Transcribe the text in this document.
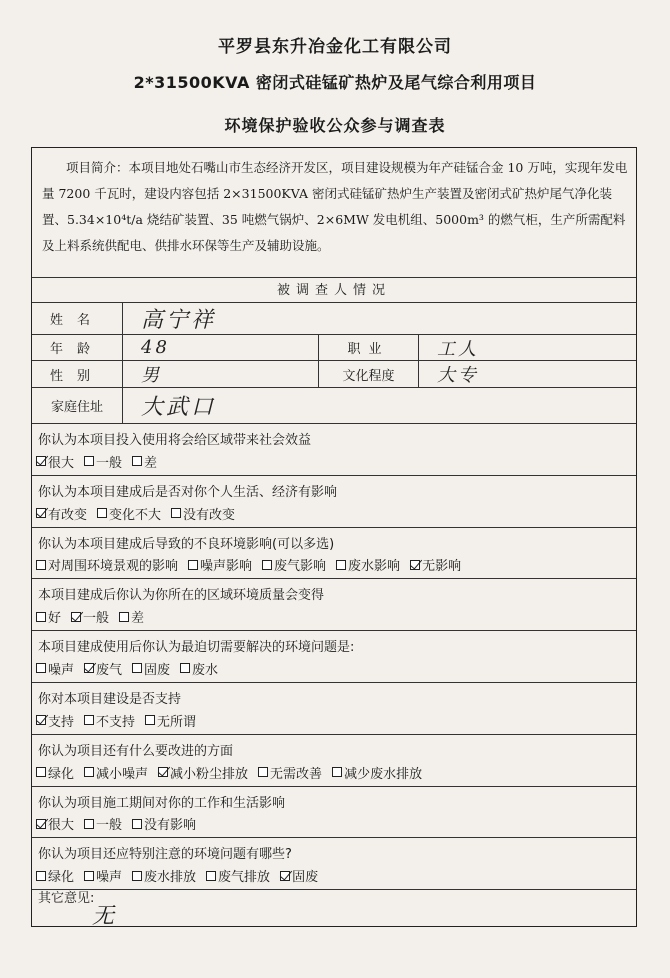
平罗县东升冶金化工有限公司
2*31500KVA 密闭式硅锰矿热炉及尾气综合利用项目
环境保护验收公众参与调查表
项目简介：本项目地处石嘴山市生态经济开发区，项目建设规模为年产硅锰合金 10 万吨，实现年发电量 7200 千瓦时，建设内容包括 2×31500KVA 密闭式硅锰矿热炉生产装置及密闭式矿热炉尾气净化装置、5.34×10⁴t/a 烧结矿装置、35 吨燃气锅炉、2×6MW 发电机组、5000m³ 的燃气柜，生产所需配料及上料系统供配电、供排水环保等生产及辅助设施。
被调查人情况
姓名	高宁祥
年龄	48	职业	工人
性别	男	文化程度	大专
家庭住址	大武口
你认为本项目投入使用将会给区域带来社会效益
很大 一般 差
你认为本项目建成后是否对你个人生活、经济有影响
有改变 变化不大 没有改变
你认为本项目建成后导致的不良环境影响(可以多选)
对周围环境景观的影响 噪声影响 废气影响 废水影响 无影响
本项目建成后你认为你所在的区域环境质量会变得
好 一般 差
本项目建成使用后你认为最迫切需要解决的环境问题是:
噪声 废气 固废 废水
你对本项目建设是否支持
支持 不支持 无所谓
你认为项目还有什么要改进的方面
绿化 减小噪声 减小粉尘排放 无需改善 减少废水排放
你认为项目施工期间对你的工作和生活影响
很大 一般 没有影响
你认为项目还应特别注意的环境问题有哪些?
绿化 噪声 废水排放 废气排放 固废
其它意见:
无
